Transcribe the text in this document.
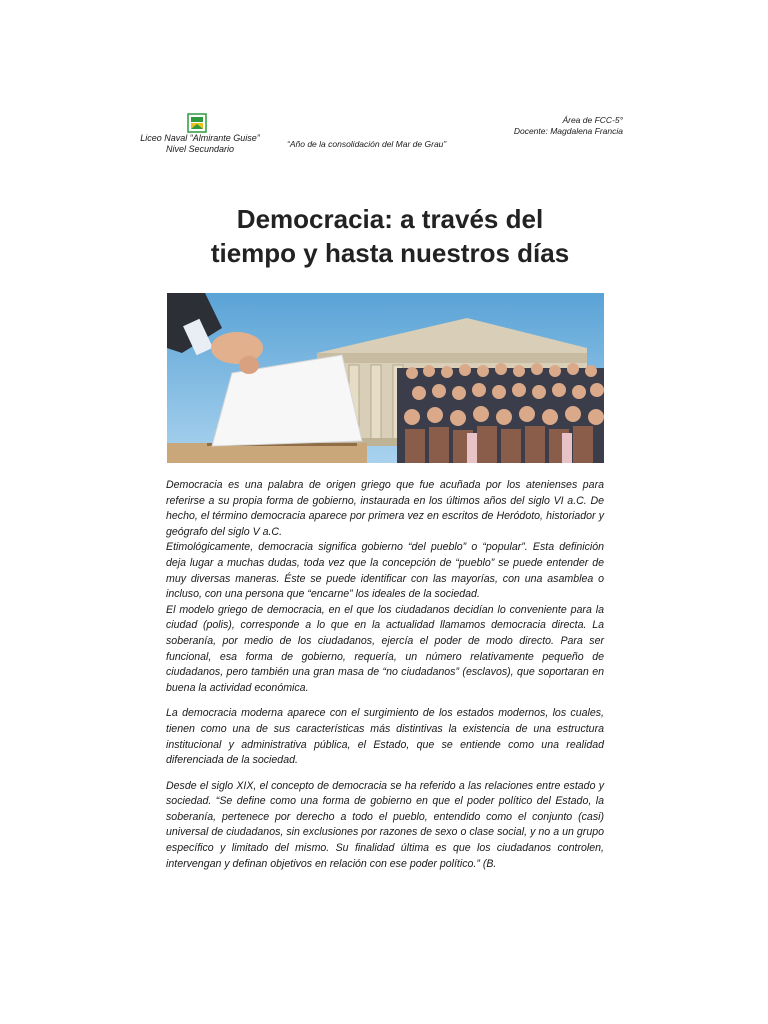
Liceo Naval “Almirante Guise”
Nivel Secundario	“Año de la consolidación del Mar de Grau”
Área de FCC-5°
Docente: Magdalena Francia
Democracia: a través del
tiempo y hasta nuestros días

Democracia es una palabra de origen griego que fue acuñada por los atenienses para referirse a su propia forma de gobierno, instaurada en los últimos años del siglo VI a.C. De hecho, el término democracia aparece por primera vez en escritos de Heródoto, historiador y geógrafo del siglo V a.C.

Etimológicamente, democracia significa gobierno “del pueblo” o “popular”. Esta definición deja lugar a muchas dudas, toda vez que la concepción de “pueblo” se puede entender de muy diversas maneras. Éste se puede identificar con las mayorías, con una asamblea o incluso, con una persona que “encarne” los ideales de la sociedad.

El modelo griego de democracia, en el que los ciudadanos decidían lo conveniente para la ciudad (polis), corresponde a lo que en la actualidad llamamos democracia directa. La soberanía, por medio de los ciudadanos, ejercía el poder de modo directo. Para ser funcional, esa forma de gobierno, requería, un número relativamente pequeño de ciudadanos, pero también una gran masa de “no ciudadanos” (esclavos), que soportaran en buena la actividad económica.

La democracia moderna aparece con el surgimiento de los estados modernos, los cuales, tienen como una de sus características más distintivas la existencia de una estructura institucional y administrativa pública, el Estado, que se entiende como una realidad diferenciada de la sociedad.

Desde el siglo XIX, el concepto de democracia se ha referido a las relaciones entre estado y sociedad. “Se define como una forma de gobierno en que el poder político del Estado, la soberanía, pertenece por derecho a todo el pueblo, entendido como el conjunto (casi) universal de ciudadanos, sin exclusiones por razones de sexo o clase social, y no a un grupo específico y limitado del mismo. Su finalidad última es que los ciudadanos controlen, intervengan y definan objetivos en relación con ese poder político.” (B.
